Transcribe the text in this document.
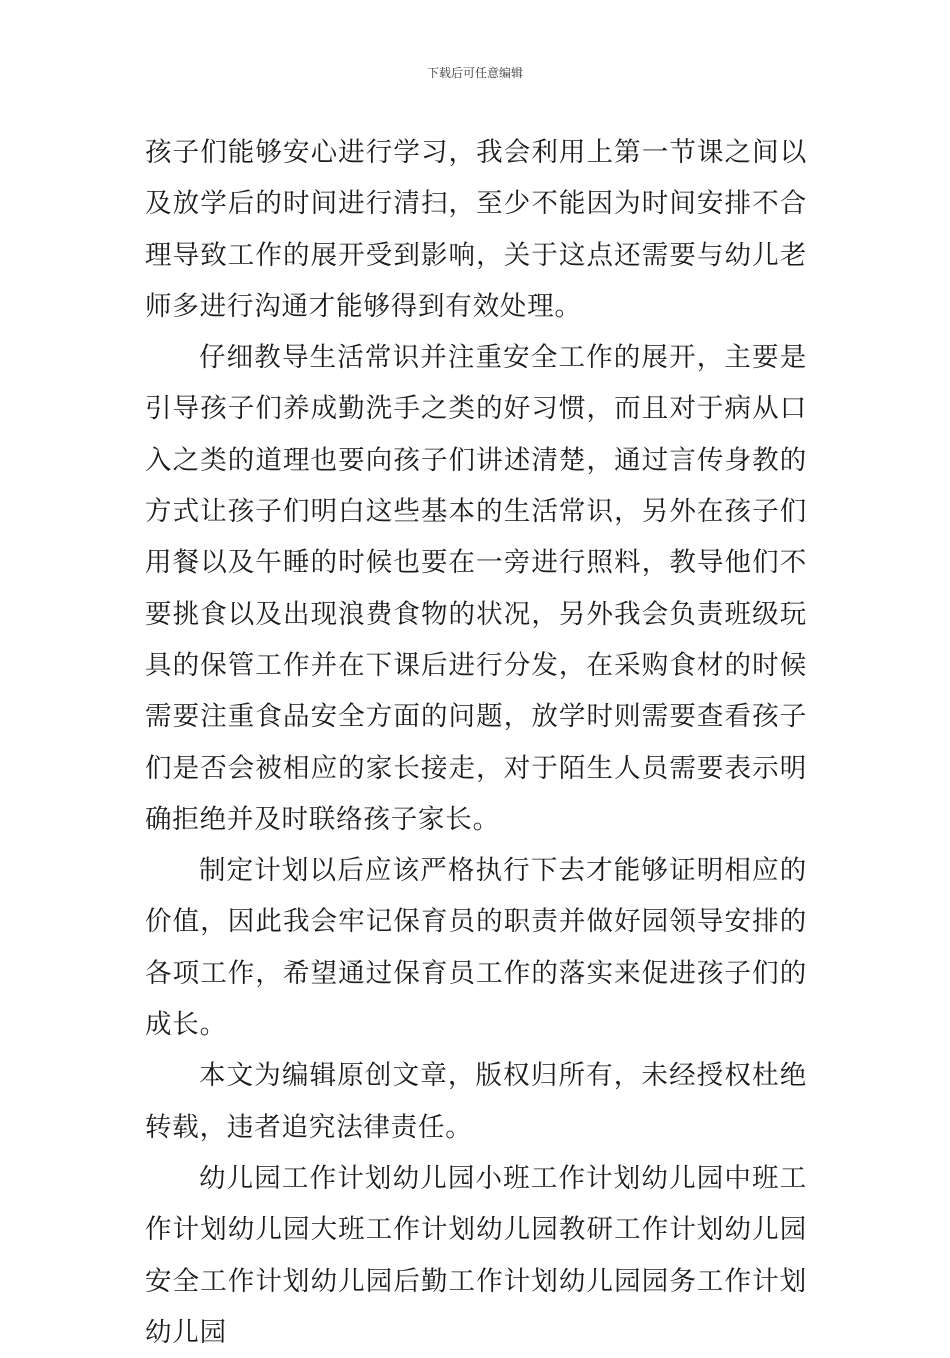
下载后可任意编辑

孩子们能够安心进行学习，我会利用上第一节课之间以及放学后的时间进行清扫，至少不能因为时间安排不合理导致工作的展开受到影响，关于这点还需要与幼儿老师多进行沟通才能够得到有效处理。

仔细教导生活常识并注重安全工作的展开，主要是引导孩子们养成勤洗手之类的好习惯，而且对于病从口入之类的道理也要向孩子们讲述清楚，通过言传身教的方式让孩子们明白这些基本的生活常识，另外在孩子们用餐以及午睡的时候也要在一旁进行照料，教导他们不要挑食以及出现浪费食物的状况，另外我会负责班级玩具的保管工作并在下课后进行分发，在采购食材的时候需要注重食品安全方面的问题，放学时则需要查看孩子们是否会被相应的家长接走，对于陌生人员需要表示明确拒绝并及时联络孩子家长。

制定计划以后应该严格执行下去才能够证明相应的价值，因此我会牢记保育员的职责并做好园领导安排的各项工作，希望通过保育员工作的落实来促进孩子们的成长。

本文为编辑原创文章，版权归所有，未经授权杜绝转载，违者追究法律责任。

幼儿园工作计划幼儿园小班工作计划幼儿园中班工作计划幼儿园大班工作计划幼儿园教研工作计划幼儿园安全工作计划幼儿园后勤工作计划幼儿园园务工作计划幼儿园
